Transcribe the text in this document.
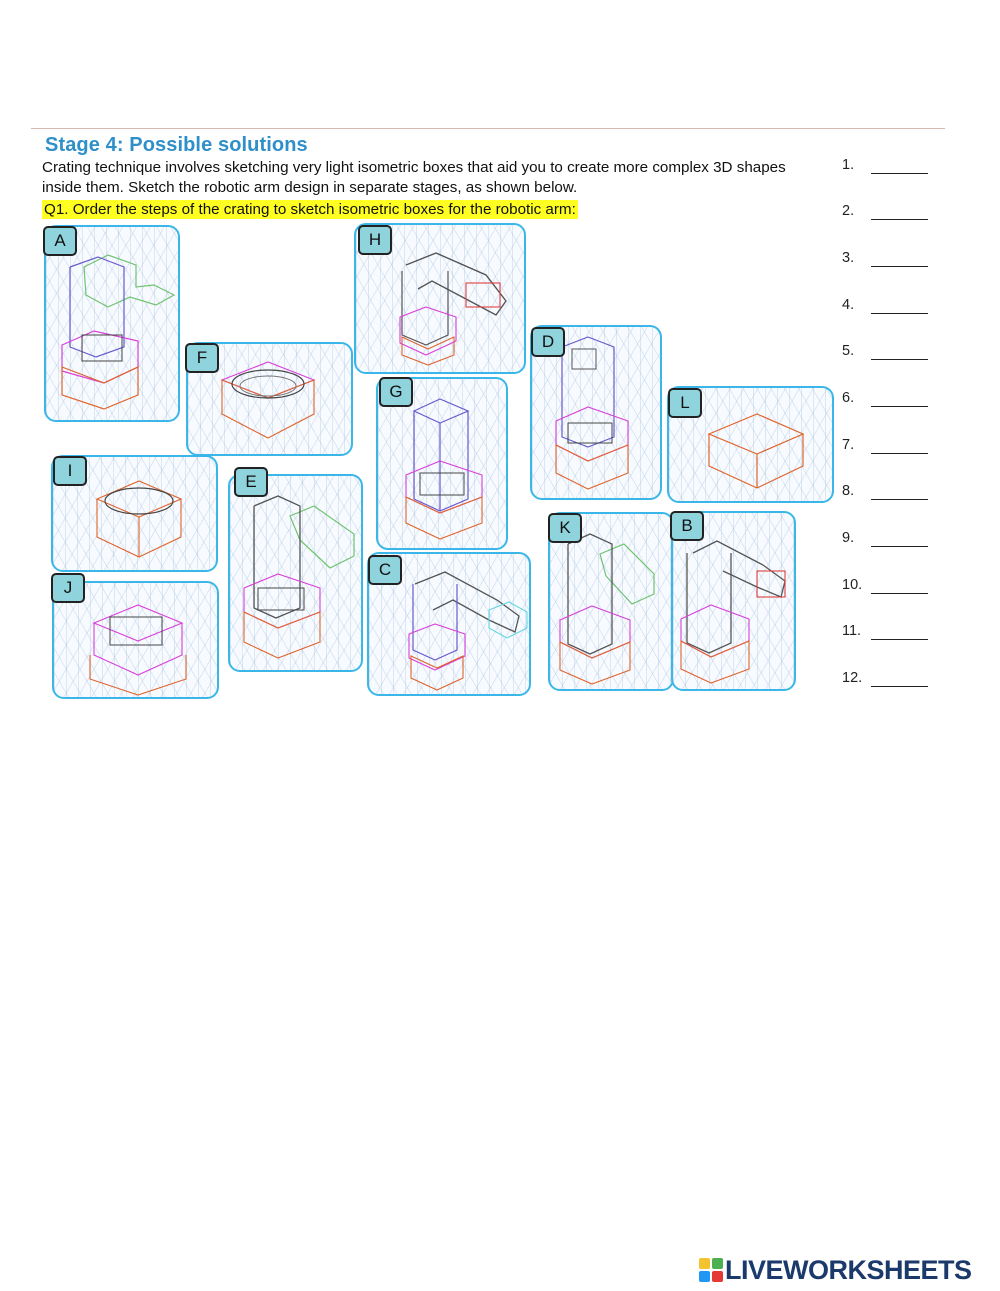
Stage 4: Possible solutions
Crating technique involves sketching very light isometric boxes that aid you to create more complex 3D shapes inside them. Sketch the robotic arm design in separate stages, as shown below.
Q1. Order the steps of the crating to sketch isometric boxes for the robotic arm:
A	H
F
D
G
L
I
E
K	B
C
J
1.
2.
3.
4.
5.
6.
7.
8.
9.
10.
11.
12.
LIVEWORKSHEETS
